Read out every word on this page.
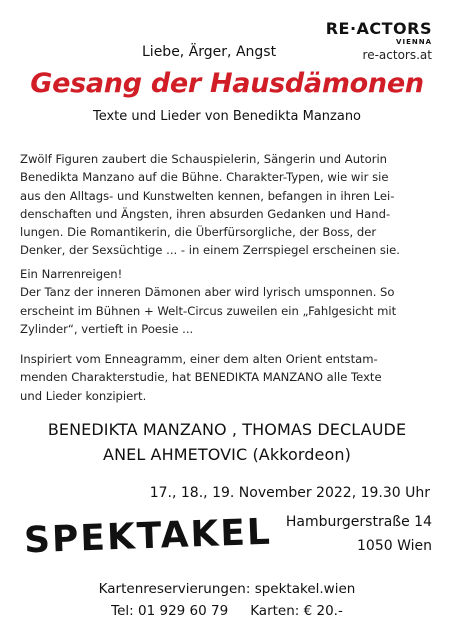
RE·ACTORS
VIENNA
re-actors.at
Liebe, Ärger, Angst
Gesang der Hausdämonen
Texte und Lieder von Benedikta Manzano
Zwölf Figuren zaubert die Schauspielerin, Sängerin und Autorin
Benedikta Manzano auf die Bühne. Charakter-Typen, wie wir sie
aus den Alltags- und Kunstwelten kennen, befangen in ihren Lei-
denschaften und Ängsten, ihren absurden Gedanken und Hand-
lungen. Die Romantikerin, die Überfürsorgliche, der Boss, der
Denker, der Sexsüchtige ... - in einem Zerrspiegel erscheinen sie.
Ein Narrenreigen!
Der Tanz der inneren Dämonen aber wird lyrisch umsponnen. So
erscheint im Bühnen + Welt-Circus zuweilen ein „Fahlgesicht mit
Zylinder“, vertieft in Poesie ...
Inspiriert vom Enneagramm, einer dem alten Orient entstam-
menden Charakterstudie, hat BENEDIKTA MANZANO alle Texte
und Lieder konzipiert.
BENEDIKTA MANZANO , THOMAS DECLAUDE
ANEL AHMETOVIC (Akkordeon)
17., 18., 19. November 2022, 19.30 Uhr
SPEKTAKEL Hamburgerstraße 14
1050 Wien
Kartenreservierungen: spektakel.wien
Tel: 01 929 60 79 Karten: € 20.-
